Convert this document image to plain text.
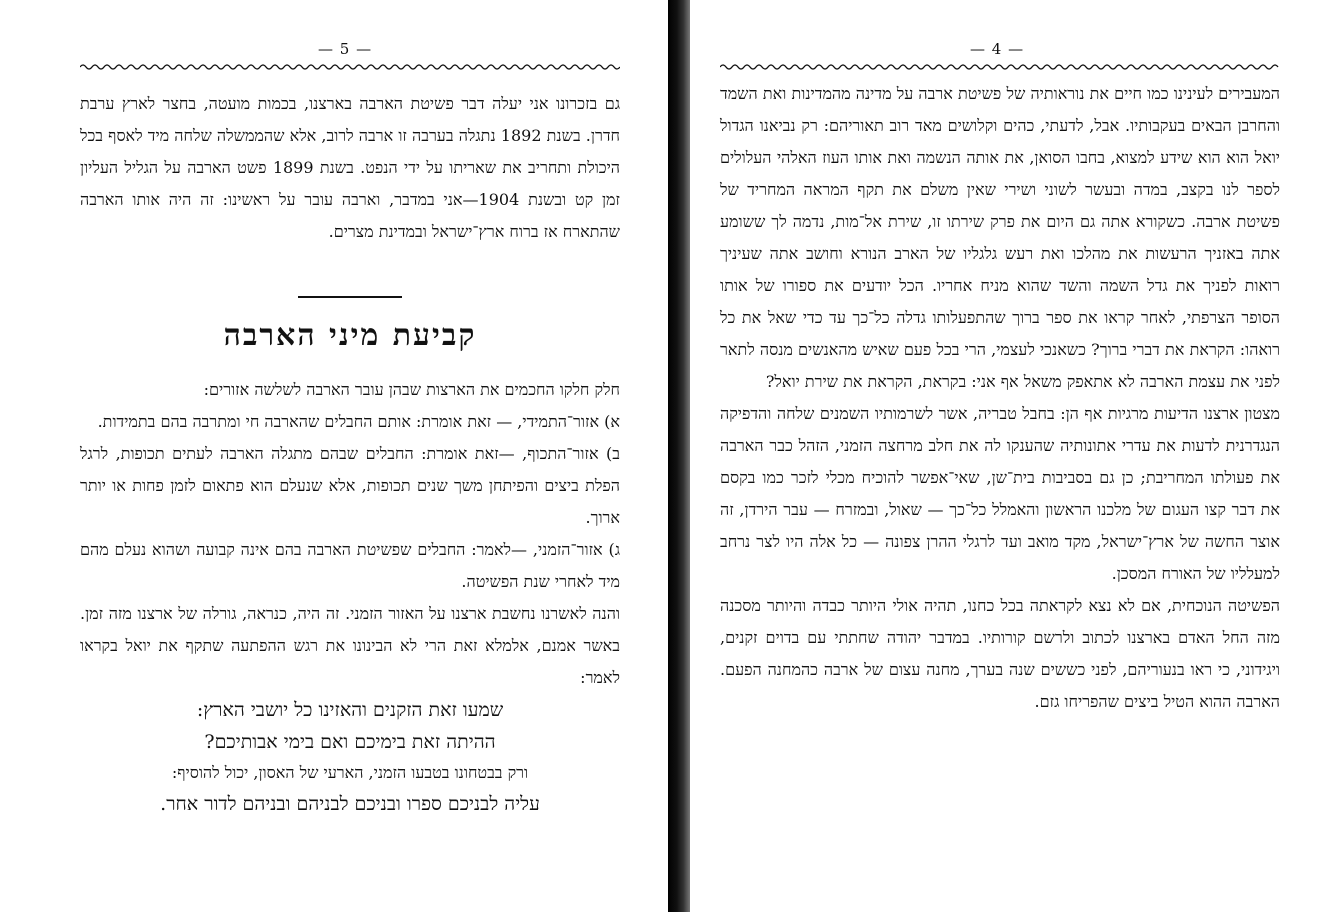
— 5 —

גם בזכרונו אני יעלה דבר פשיטת הארבה בארצנו, בכמות מועטה, בחצר לארץ ערבת חדרן. בשנת 1892 נתגלה בערבה זו ארבה לרוב, אלא שהממשלה שלחה מיד לאסף בכל היכולת ותחריב את שאריתו על ידי הנפט. בשנת 1899 פשט הארבה על הגליל העליון זמן קט ובשנת 1904—אני במדבר, וארבה עובר על ראשינו: זה היה אותו הארבה שהתארח אז ברוח ארץ־ישראל ובמדינת מצרים.

קביעת מיני הארבה

חלק חלקו החכמים את הארצות שבהן עובר הארבה לשלשה אזורים:

א) אזור־התמידי, — זאת אומרת: אותם החבלים שהארבה חי ומתרבה בהם בתמידות.

ב) אזור־התכוף, —זאת אומרת: החבלים שבהם מתגלה הארבה לעתים תכופות, לרגל הפלת ביצים והפיתחן משך שנים תכופות, אלא שנעלם הוא פתאום לזמן פחות או יותר ארוך.

ג) אזור־הזמני, —לאמר: החבלים שפשיטת הארבה בהם אינה קבועה ושהוא נעלם מהם מיד לאחרי שנת הפשיטה.

והנה לאשרנו נחשבת ארצנו על האזור הזמני. זה היה, כנראה, גורלה של ארצנו מזה זמן. באשר אמנם, אלמלא זאת הרי לא הבינונו את רגש ההפתעה שתקף את יואל בקראו לאמר:

שמעו זאת הזקנים והאזינו כל יושבי הארץ:

ההיתה זאת בימיכם ואם בימי אבותיכם?

ורק בבטחונו בטבעו הזמני, הארעי של האסון, יכול להוסיף:

עליה לבניכם ספרו ובניכם לבניהם ובניהם לדור אחר.

— 4 —

המעבירים לעינינו כמו חיים את נוראותיה של פשיטת ארבה על מדינה מהמדינות ואת השמד והחרבן הבאים בעקבותיו. אבל, לדעתי, כהים וקלושים מאד רוב תאוריהם: רק נביאנו הגדול יואל הוא הוא שידע למצוא, בחבו הסואן, את אותה הנשמה ואת אותו העוז האלהי העלולים לספר לנו בקצב, במדה ובעשר לשוני ושירי שאין משלם את תקף המראה המחריד של פשיטת ארבה. כשקורא אתה גם היום את פרק שירתו זו, שירת אל־מות, נדמה לך ששומע אתה באזניך הרעשות את מהלכו ואת רעש גלגליו של הארב הנורא וחושב אתה שעיניך רואות לפניך את גדל השמה והשד שהוא מניח אחריו. הכל יודעים את ספורו של אותו הסופר הצרפתי, לאחר קראו את ספר ברוך שהתפעלותו גדלה כל־כך עד כדי שאל את כל רואהו: הקראת את דברי ברוך? כשאנכי לעצמי, הרי בכל פעם שאיש מהאנשים מנסה לתאר לפני את עצמת הארבה לא אתאפק משאל אף אני: בקראת, הקראת את שירת יואל?

מצטון ארצנו הדיעות מרגיות אף הן: בחבל טבריה, אשר לשרמותיו השמנים שלחה והדפיקה הנגדרנית לדעות את עדרי אתונותיה שהענקו לה את חלב מרחצה הזמני, הזהל כבר הארבה את פעולתו המחריבת; כן גם בסביבות בית־שן, שאי־אפשר להוכיח מכלי לזכר כמו בקסם את דבר קצו העגום של מלכנו הראשון והאמלל כל־כך — שאול, ובמזרח — עבר הירדן, זה אוצר החשה של ארץ־ישראל, מקד מואב ועד לרגלי ההרן צפונה — כל אלה היו לצר נרחב למעלליו של האורח המסכן.

הפשיטה הנוכחית, אם לא נצא לקראתה בכל כחנו, תהיה אולי היותר כבדה והיותר מסכנה מזה החל האדם בארצנו לכתוב ולרשם קורותיו. במדבר יהודה שחתתי עם בדוים זקנים, ויגידוני, כי ראו בנעוריהם, לפני כששים שנה בערך, מחנה עצום של ארבה כהמחנה הפעם. הארבה ההוא הטיל ביצים שהפריחו גזם.
